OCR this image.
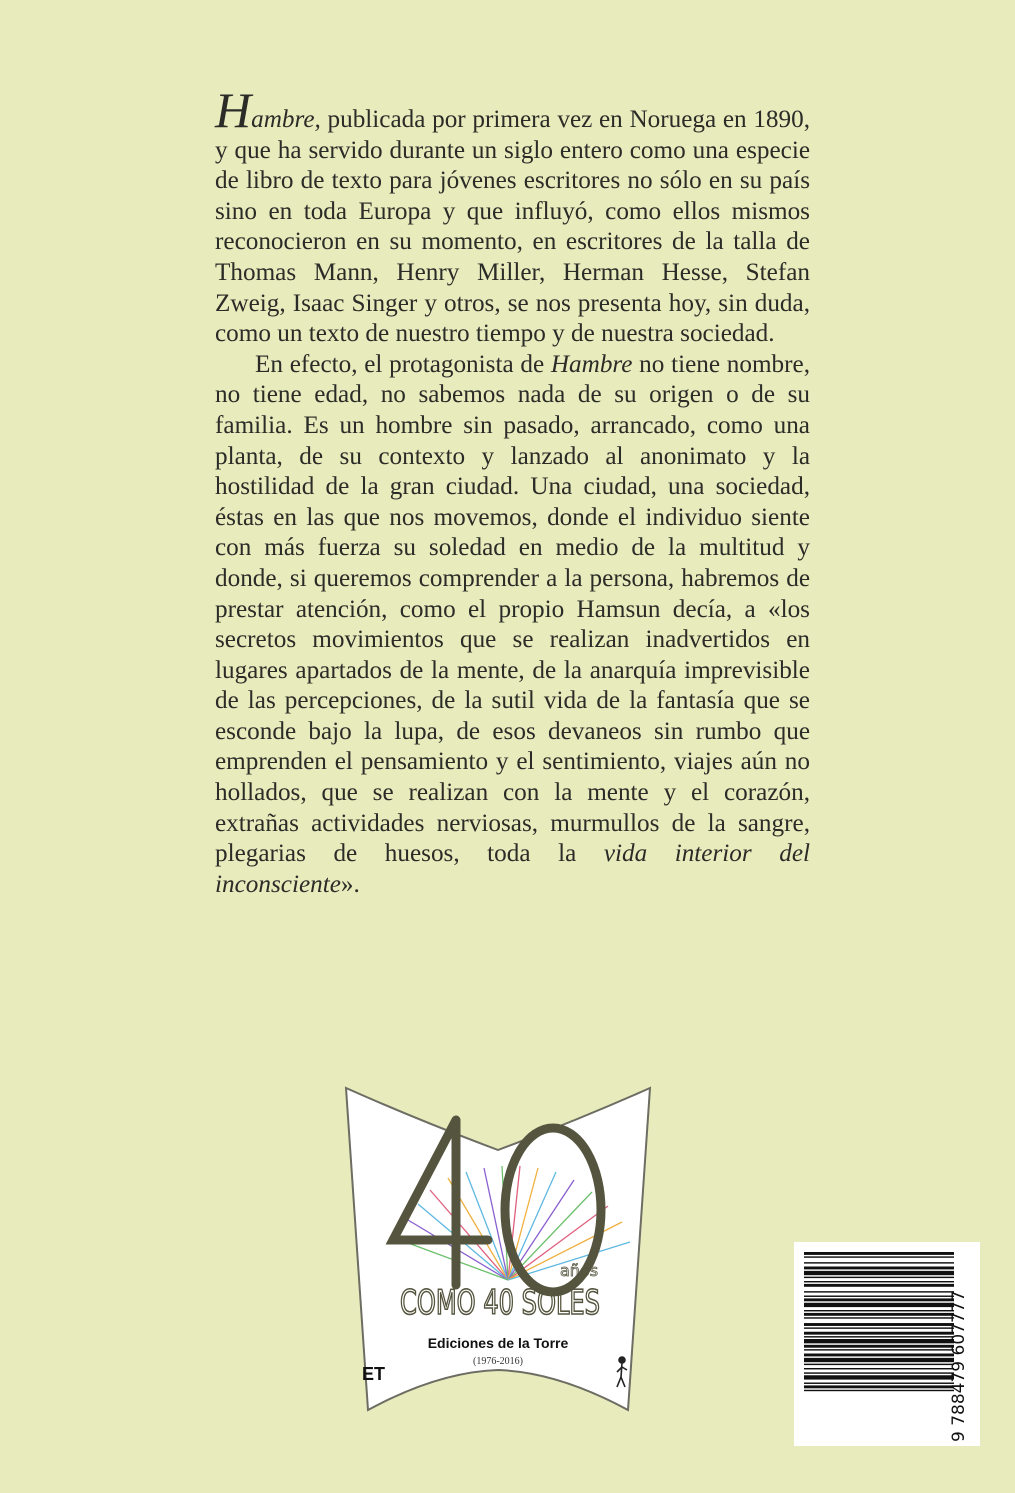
Hambre, publicada por primera vez en Noruega en 1890, y que ha servido durante un siglo entero como una especie de libro de texto para jóvenes escritores no sólo en su país sino en toda Europa y que influyó, como ellos mismos reconocieron en su momento, en escritores de la talla de Thomas Mann, Henry Miller, Herman Hesse, Stefan Zweig, Isaac Singer y otros, se nos presenta hoy, sin duda, como un texto de nuestro tiempo y de nuestra sociedad.

En efecto, el protagonista de Hambre no tiene nombre, no tiene edad, no sabemos nada de su origen o de su familia. Es un hombre sin pasado, arrancado, como una planta, de su contexto y lanzado al anonimato y la hostilidad de la gran ciudad. Una ciudad, una sociedad, éstas en las que nos movemos, donde el individuo siente con más fuerza su soledad en medio de la multitud y donde, si queremos comprender a la persona, habremos de prestar atención, como el propio Hamsun decía, a «los secretos movimientos que se realizan inadvertidos en lugares apartados de la mente, de la anarquía imprevisible de las percepciones, de la sutil vida de la fantasía que se esconde bajo la lupa, de esos devaneos sin rumbo que emprenden el pensamiento y el sentimiento, viajes aún no hollados, que se realizan con la mente y el corazón, extrañas actividades nerviosas, murmullos de la sangre, plegarias de huesos, toda la vida interior del inconsciente».

años
COMO 40 SOLES
Ediciones de la Torre
(1976-2016)
ET	9 788479 607777
